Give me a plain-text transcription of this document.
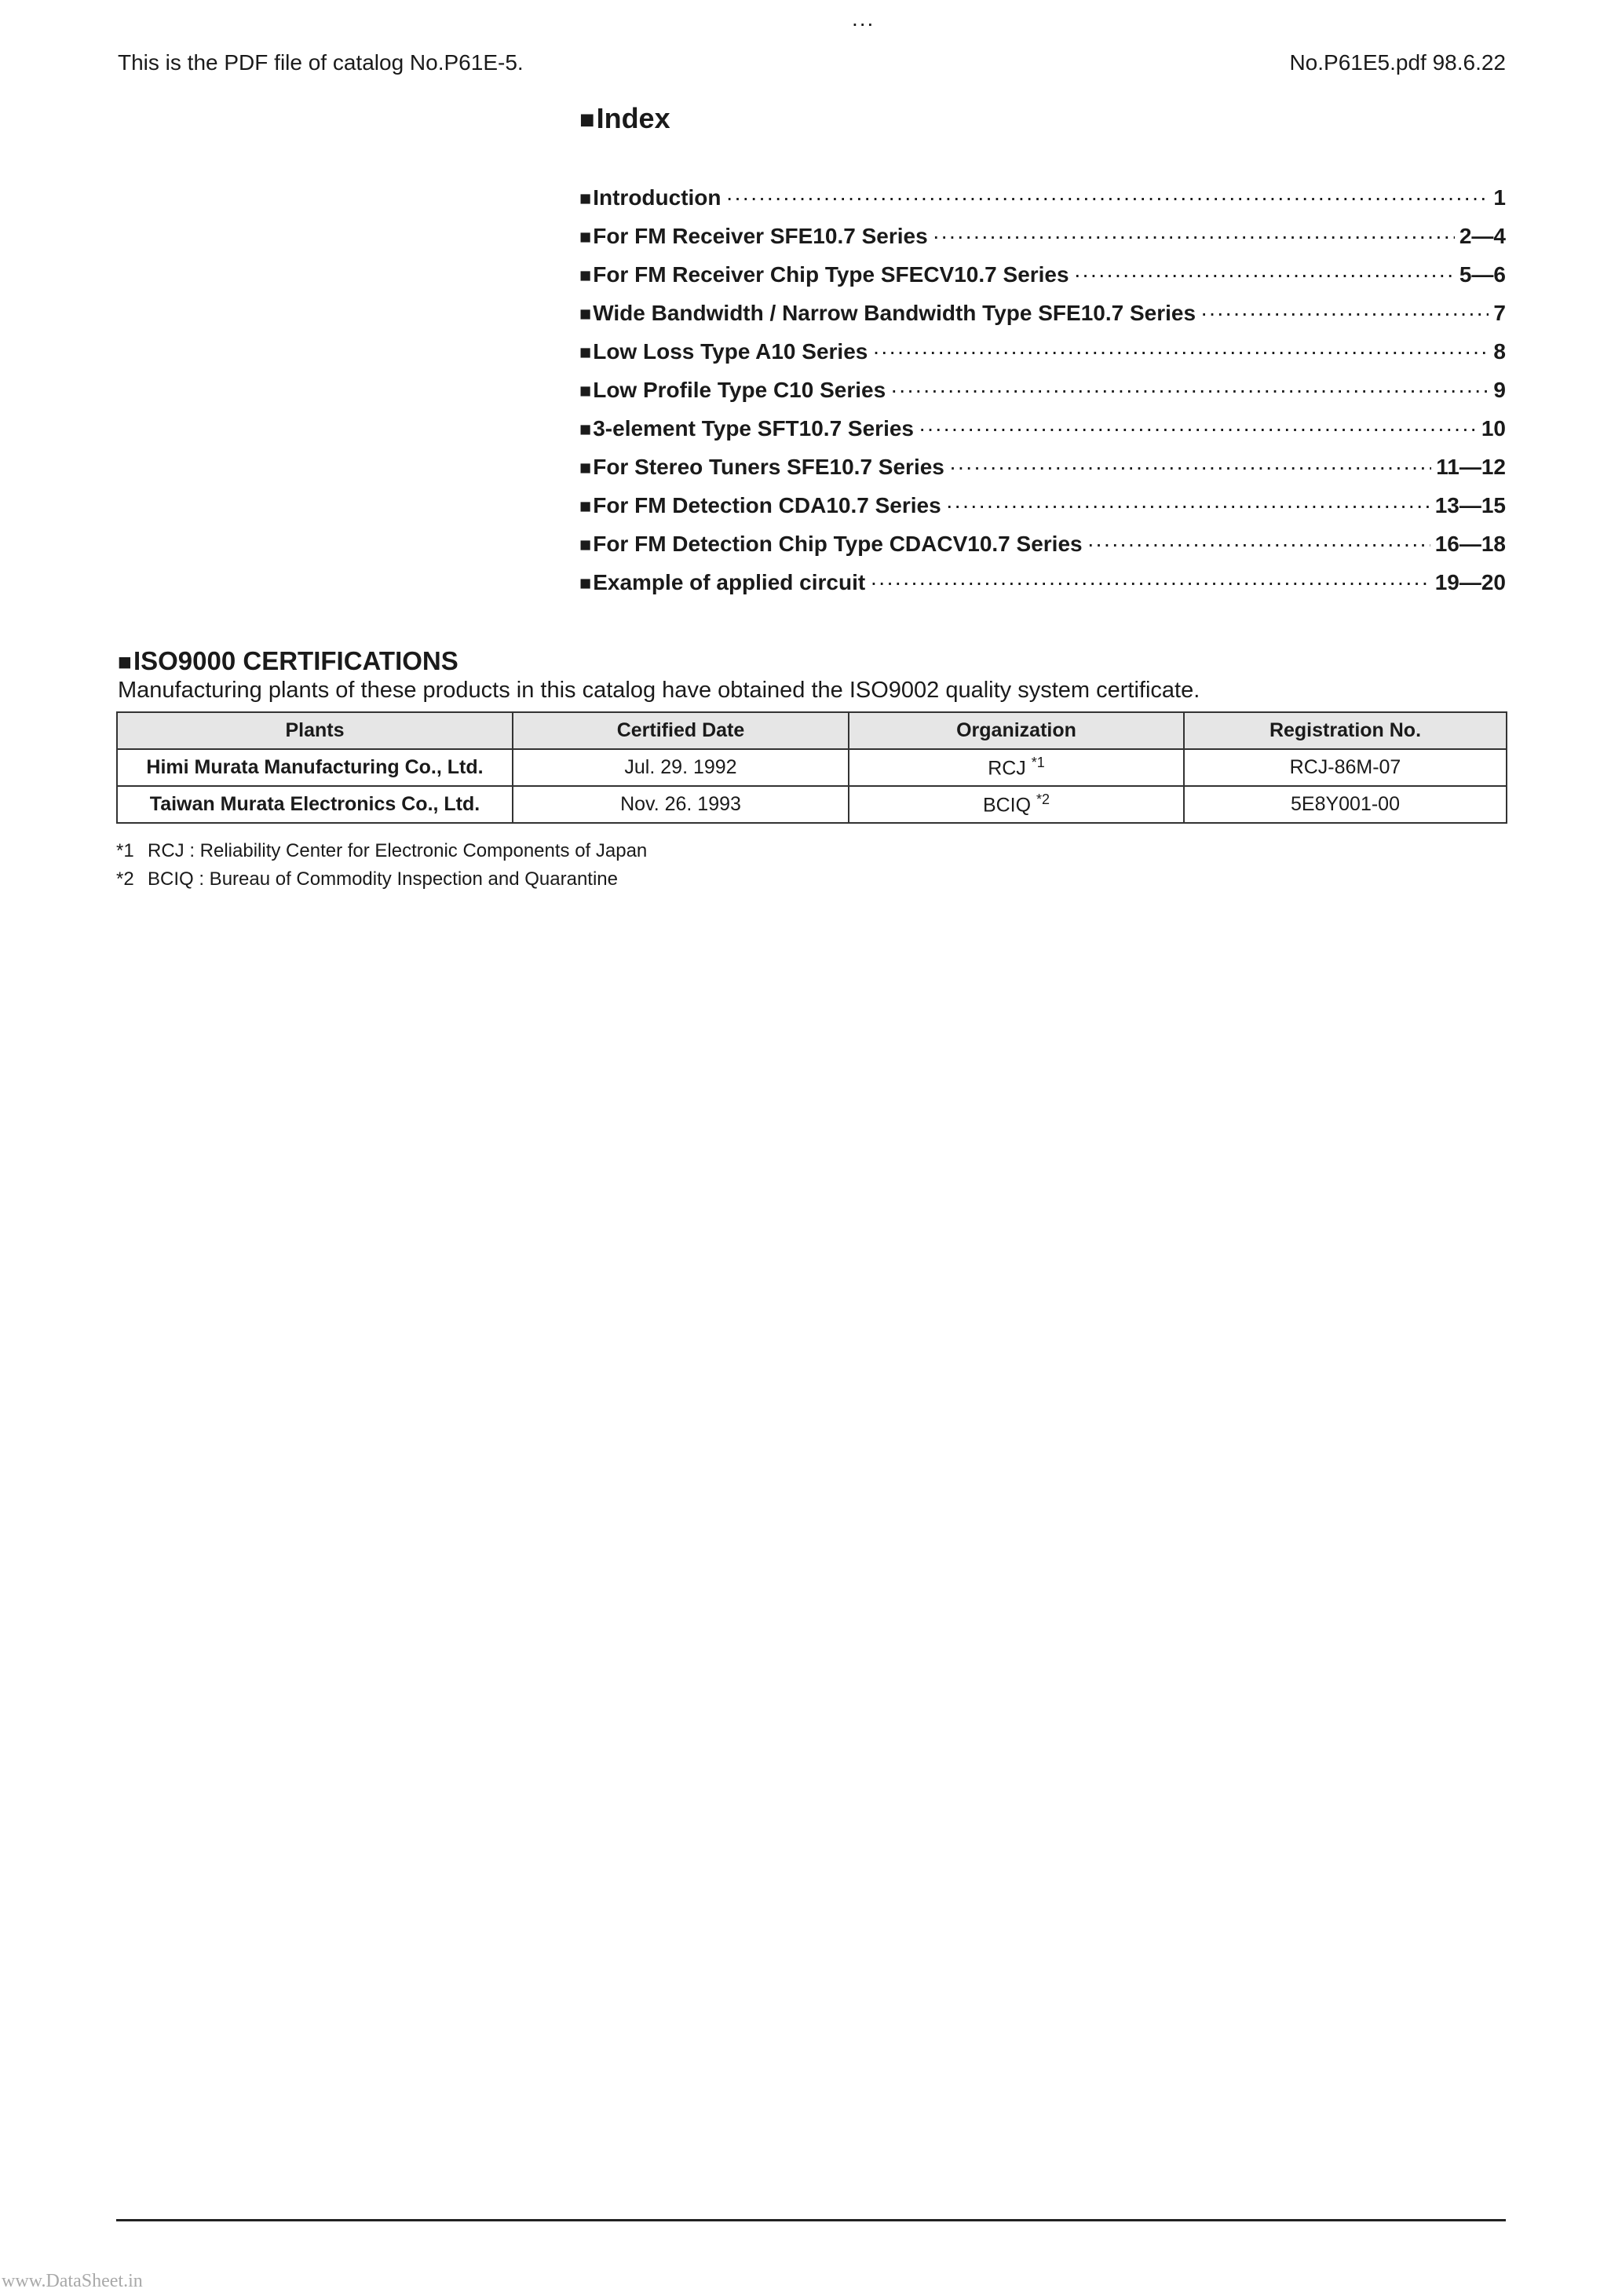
...
This is the PDF file of catalog No.P61E-5.	No.P61E5.pdf 98.6.22
■ Index
■ Introduction ·····	1
■ For FM Receiver SFE10.7 Series ·····	2—4
■ For FM Receiver Chip Type SFECV10.7 Series ·····	5—6
■ Wide Bandwidth / Narrow Bandwidth Type SFE10.7 Series ·····	7
■ Low Loss Type A10 Series ·····	8
■ Low Profile Type C10 Series ·····	9
■ 3-element Type SFT10.7 Series ·····	10
■ For Stereo Tuners SFE10.7 Series ·····	11—12
■ For FM Detection CDA10.7 Series ·····	13—15
■ For FM Detection Chip Type CDACV10.7 Series ·····	16—18
■ Example of applied circuit ·····	19—20
■ ISO9000 CERTIFICATIONS
Manufacturing plants of these products in this catalog have obtained the ISO9002 quality system certificate.
Plants	Certified Date	Organization	Registration No.
Himi Murata Manufacturing Co., Ltd.	Jul. 29. 1992	RCJ $^{*1}$	RCJ-86M-07
Taiwan Murata Electronics Co., Ltd.	Nov. 26. 1993	BCIQ $^{*2}$	5E8Y001-00
*1 RCJ : Reliability Center for Electronic Components of Japan
*2 BCIQ : Bureau of Commodity Inspection and Quarantine
www.DataSheet.in
